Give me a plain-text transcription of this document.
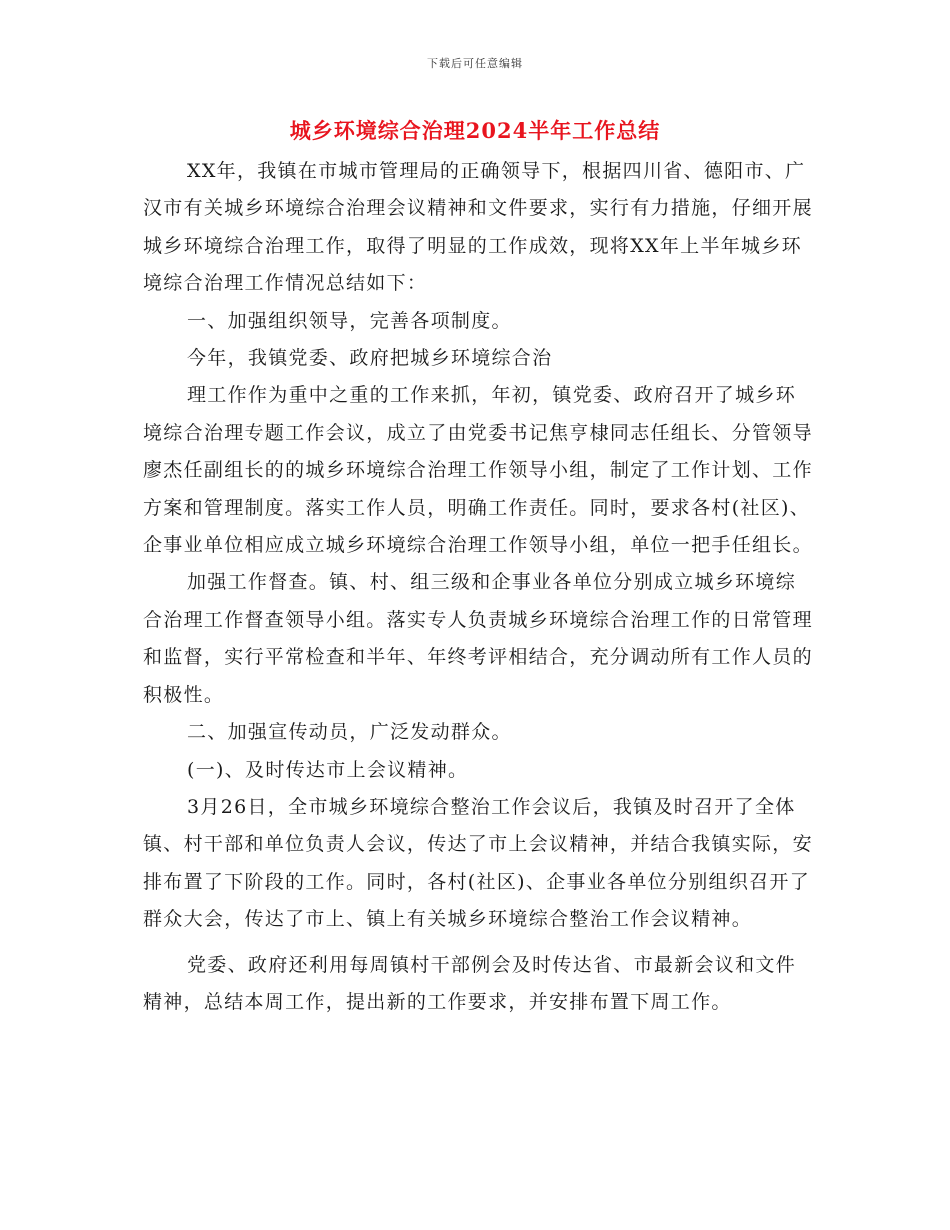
下载后可任意编辑
城乡环境综合治理2024半年工作总结

XX年，我镇在市城市管理局的正确领导下，根据四川省、德阳市、广汉市有关城乡环境综合治理会议精神和文件要求，实行有力措施，仔细开展城乡环境综合治理工作，取得了明显的工作成效，现将XX年上半年城乡环境综合治理工作情况总结如下：

一、加强组织领导，完善各项制度。

今年，我镇党委、政府把城乡环境综合治

理工作作为重中之重的工作来抓，年初，镇党委、政府召开了城乡环境综合治理专题工作会议，成立了由党委书记焦亨棣同志任组长、分管领导廖杰任副组长的的城乡环境综合治理工作领导小组，制定了工作计划、工作方案和管理制度。落实工作人员，明确工作责任。同时，要求各村(社区)、企事业单位相应成立城乡环境综合治理工作领导小组，单位一把手任组长。

加强工作督查。镇、村、组三级和企事业各单位分别成立城乡环境综合治理工作督查领导小组。落实专人负责城乡环境综合治理工作的日常管理和监督，实行平常检查和半年、年终考评相结合，充分调动所有工作人员的积极性。

二、加强宣传动员，广泛发动群众。

(一)、及时传达市上会议精神。

3月26日，全市城乡环境综合整治工作会议后，我镇及时召开了全体镇、村干部和单位负责人会议，传达了市上会议精神，并结合我镇实际，安排布置了下阶段的工作。同时，各村(社区)、企事业各单位分别组织召开了群众大会，传达了市上、镇上有关城乡环境综合整治工作会议精神。

党委、政府还利用每周镇村干部例会及时传达省、市最新会议和文件精神，总结本周工作，提出新的工作要求，并安排布置下周工作。
